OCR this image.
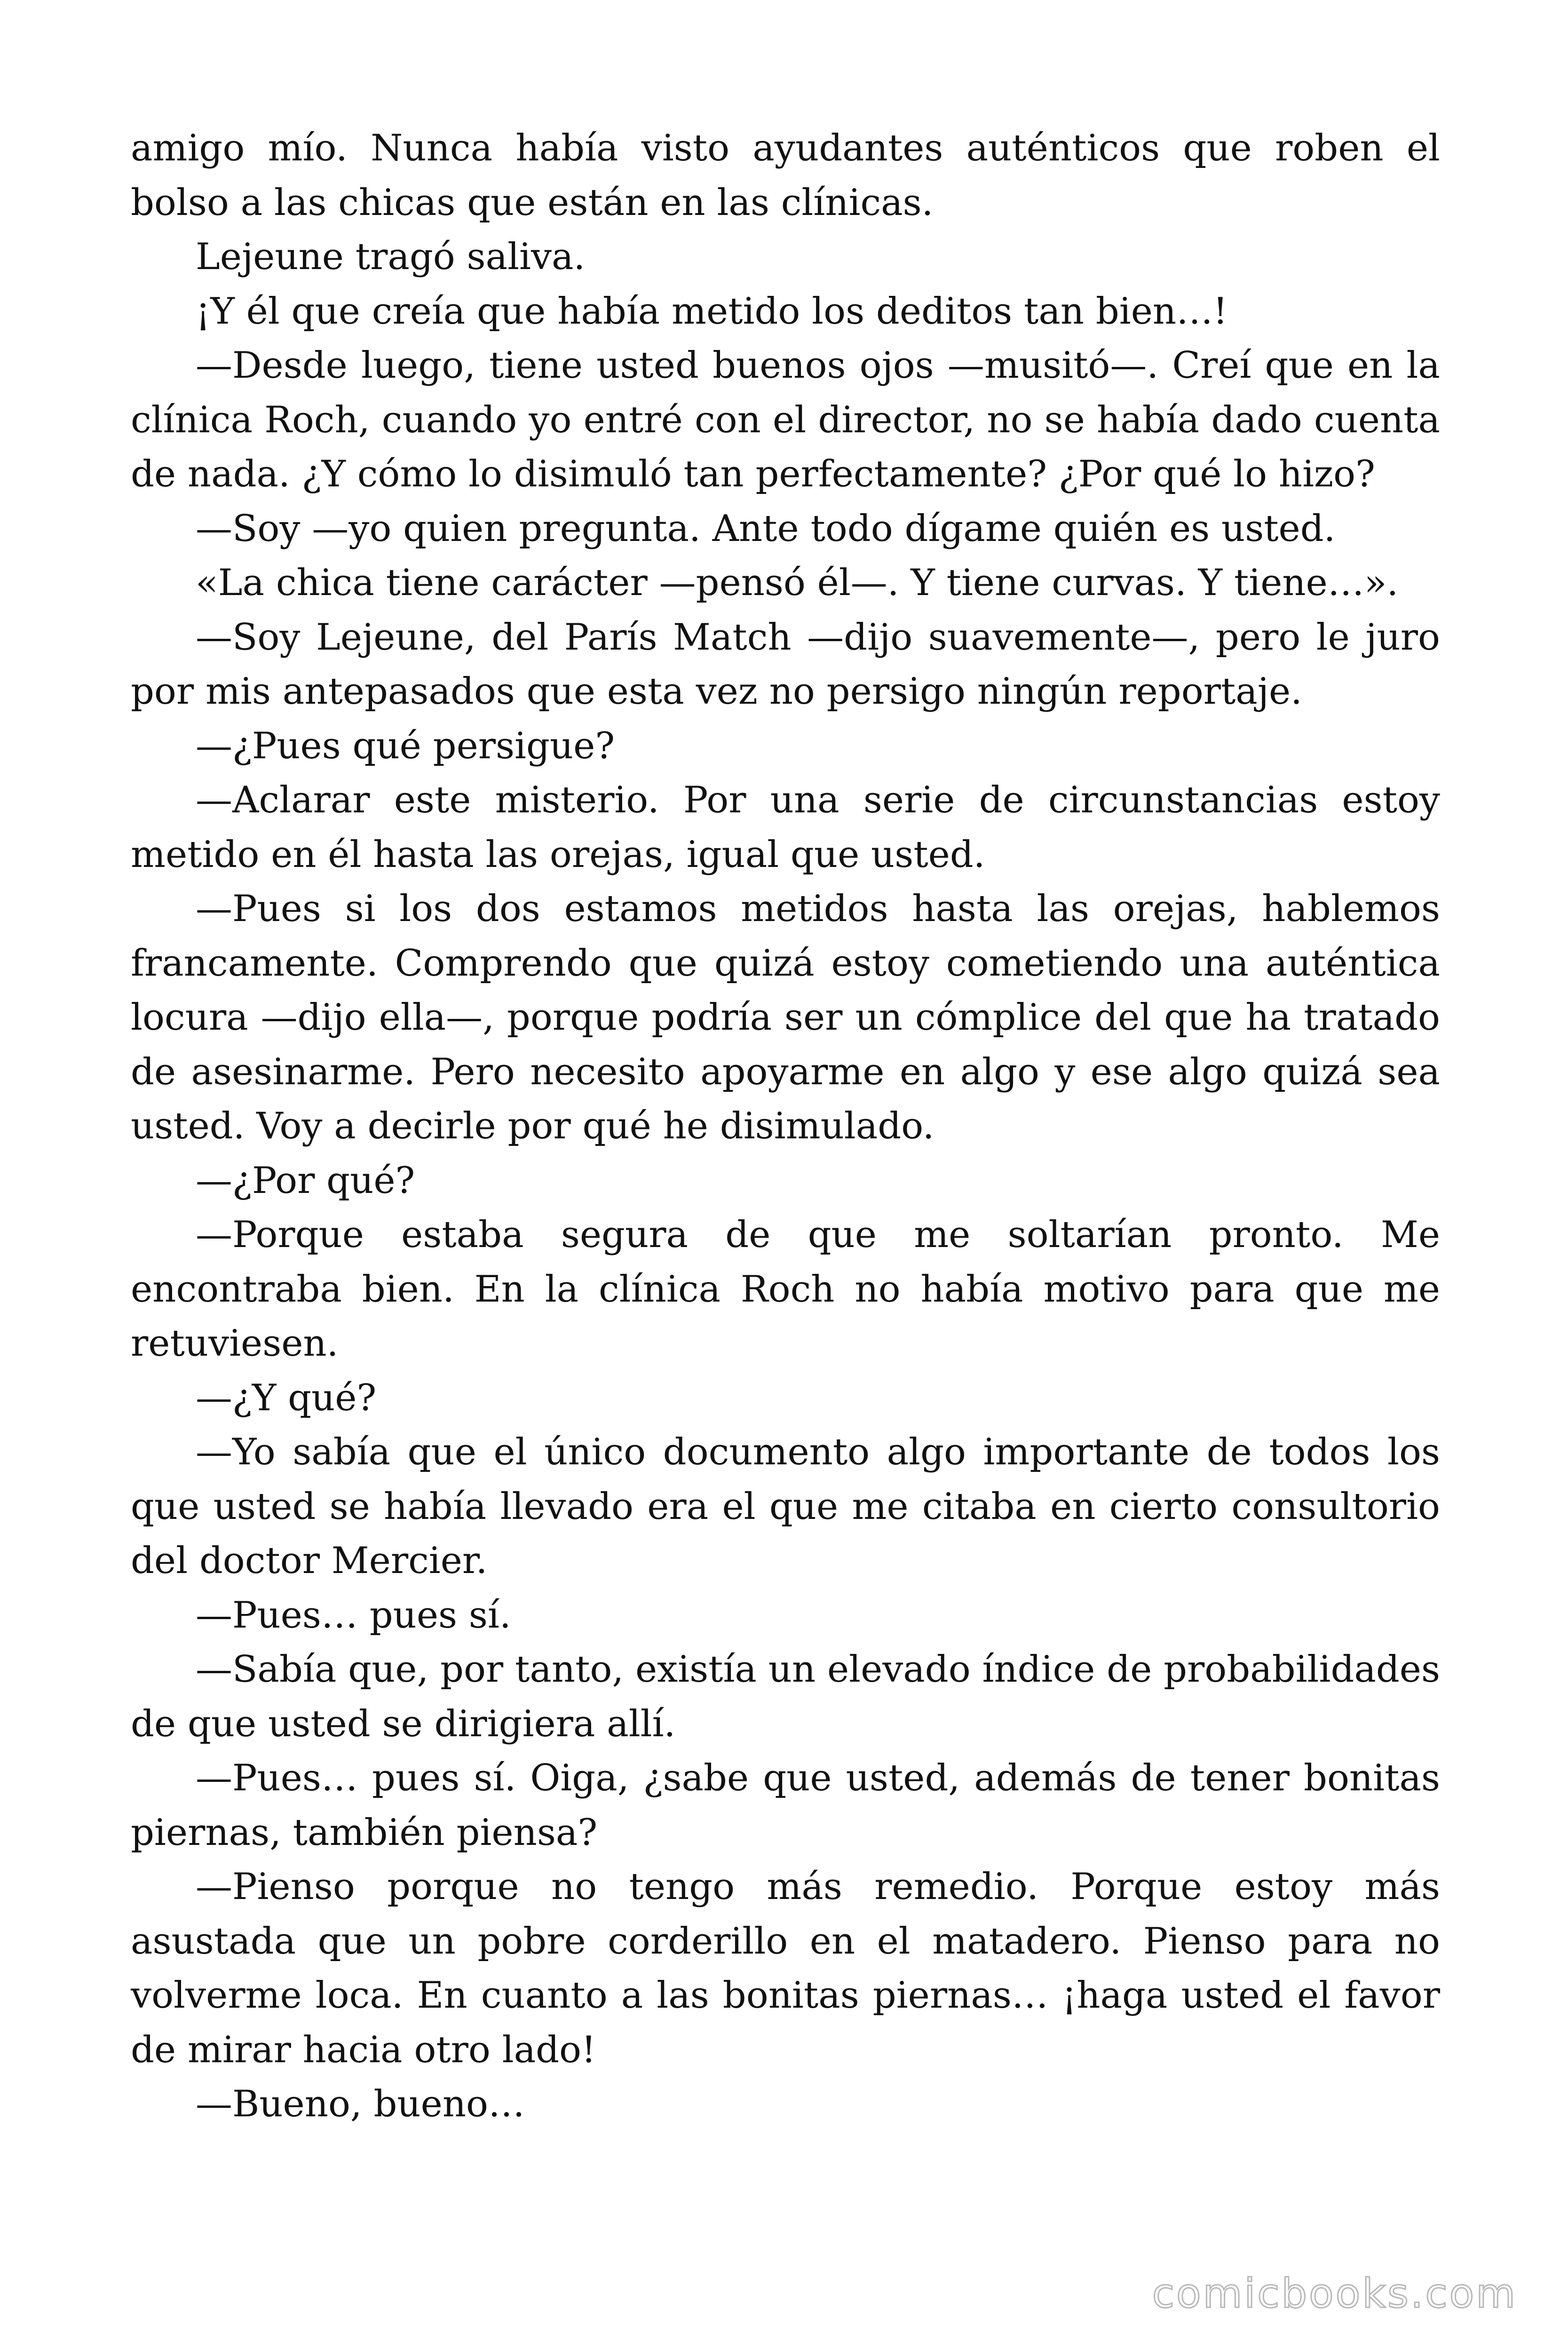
amigo mío. Nunca había visto ayudantes auténticos que roben el bolso a las chicas que están en las clínicas.

Lejeune tragó saliva.

¡Y él que creía que había metido los deditos tan bien…!

—Desde luego, tiene usted buenos ojos —musitó—. Creí que en la clínica Roch, cuando yo entré con el director, no se había dado cuenta de nada. ¿Y cómo lo disimuló tan perfectamente? ¿Por qué lo hizo?

—Soy —yo quien pregunta. Ante todo dígame quién es usted.

«La chica tiene carácter —pensó él—. Y tiene curvas. Y tiene…».

—Soy Lejeune, del París Match —dijo suavemente—, pero le juro por mis antepasados que esta vez no persigo ningún reportaje.

—¿Pues qué persigue?

—Aclarar este misterio. Por una serie de circunstancias estoy metido en él hasta las orejas, igual que usted.

—Pues si los dos estamos metidos hasta las orejas, hablemos francamente. Comprendo que quizá estoy cometiendo una auténtica locura —dijo ella—, porque podría ser un cómplice del que ha tratado de asesinarme. Pero necesito apoyarme en algo y ese algo quizá sea usted. Voy a decirle por qué he disimulado.

—¿Por qué?

—Porque estaba segura de que me soltarían pronto. Me encontraba bien. En la clínica Roch no había motivo para que me retuviesen.

—¿Y qué?

—Yo sabía que el único documento algo importante de todos los que usted se había llevado era el que me citaba en cierto consultorio del doctor Mercier.

—Pues… pues sí.

—Sabía que, por tanto, existía un elevado índice de probabilidades de que usted se dirigiera allí.

—Pues… pues sí. Oiga, ¿sabe que usted, además de tener bonitas piernas, también piensa?

—Pienso porque no tengo más remedio. Porque estoy más asustada que un pobre corderillo en el matadero. Pienso para no volverme loca. En cuanto a las bonitas piernas… ¡haga usted el favor de mirar hacia otro lado!

—Bueno, bueno…

comicbooks.com
